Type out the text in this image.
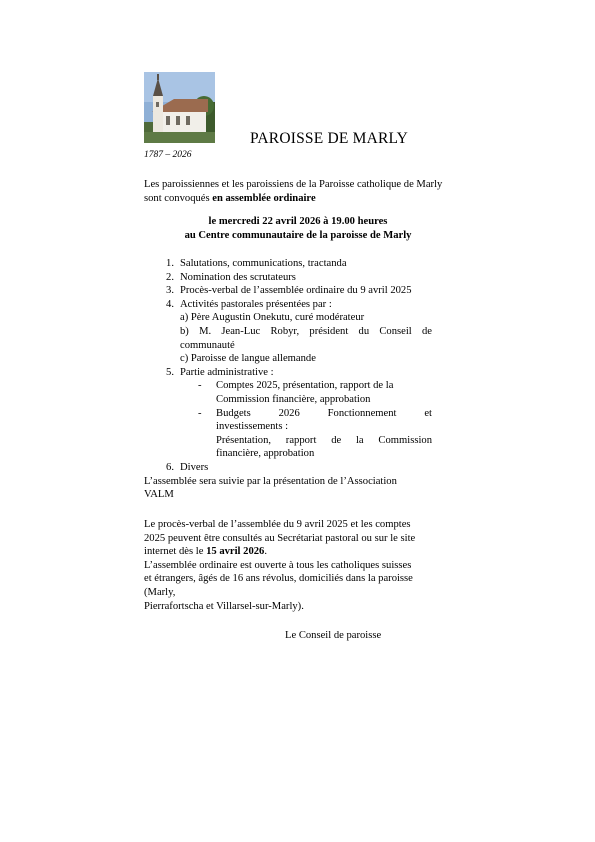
PAROISSE DE MARLY
1787 – 2026
Les paroissiennes et les paroissiens de la Paroisse catholique de Marly sont convoqués en assemblée ordinaire
le mercredi 22 avril 2026 à 19.00 heures
au Centre communautaire de la paroisse de Marly
1. Salutations, communications, tractanda
2. Nomination des scrutateurs
3. Procès-verbal de l’assemblée ordinaire du 9 avril 2025
4. Activités pastorales présentées par :
a) Père Augustin Onekutu, curé modérateur
b) M. Jean-Luc Robyr, président du Conseil de
communauté
c) Paroisse de langue allemande
5. Partie administrative :
- Comptes 2025, présentation, rapport de la
Commission financière, approbation
- Budgets 2026 Fonctionnement et
investissements :
Présentation, rapport de la Commission
financière, approbation
6. Divers
L’assemblée sera suivie par la présentation de l’Association
VALM
Le procès-verbal de l’assemblée du 9 avril 2025 et les comptes
2025 peuvent être consultés au Secrétariat pastoral ou sur le site
internet dès le 15 avril 2026.
L’assemblée ordinaire est ouverte à tous les catholiques suisses
et étrangers, âgés de 16 ans révolus, domiciliés dans la paroisse
(Marly,
Pierrafortscha et Villarsel-sur-Marly).
Le Conseil de paroisse
